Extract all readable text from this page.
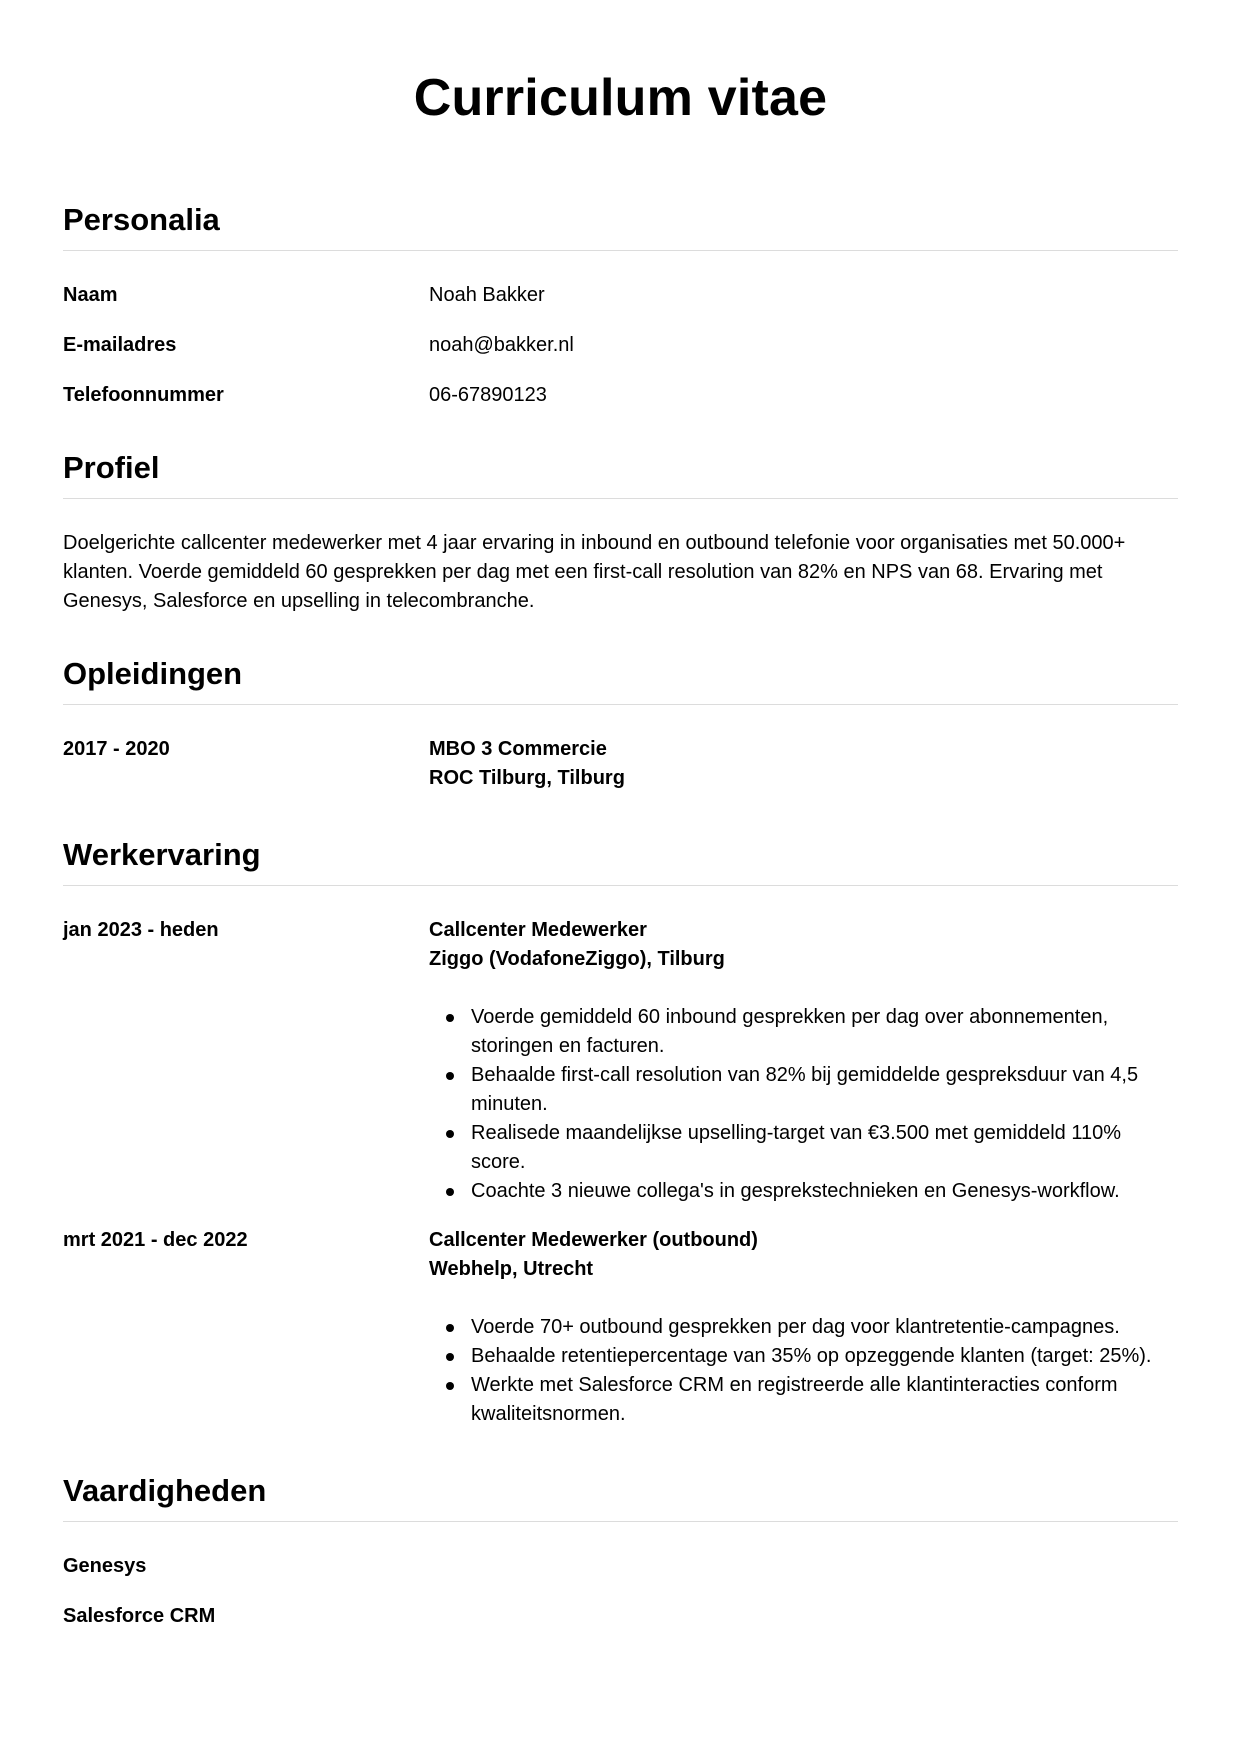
Curriculum vitae
Personalia
Naam	Noah Bakker
E-mailadres	noah@bakker.nl
Telefoonnummer	06-67890123
Profiel

Doelgerichte callcenter medewerker met 4 jaar ervaring in inbound en outbound telefonie voor organisaties met 50.000+ klanten. Voerde gemiddeld 60 gesprekken per dag met een first-call resolution van 82% en NPS van 68. Ervaring met Genesys, Salesforce en upselling in telecombranche.

Opleidingen
2017 - 2020	MBO 3 Commercie
ROC Tilburg, Tilburg
Werkervaring
jan 2023 - heden	Callcenter Medewerker
Ziggo (VodafoneZiggo), Tilburg
Voerde gemiddeld 60 inbound gesprekken per dag over abonnementen, storingen en facturen.
Behaalde first-call resolution van 82% bij gemiddelde gespreksduur van 4,5 minuten.
Realisede maandelijkse upselling-target van €3.500 met gemiddeld 110% score.
Coachte 3 nieuwe collega's in gesprekstechnieken en Genesys-workflow.
mrt 2021 - dec 2022	Callcenter Medewerker (outbound)
Webhelp, Utrecht
Voerde 70+ outbound gesprekken per dag voor klantretentie-campagnes.
Behaalde retentiepercentage van 35% op opzeggende klanten (target: 25%).
Werkte met Salesforce CRM en registreerde alle klantinteracties conform kwaliteitsnormen.
Vaardigheden
Genesys
Salesforce CRM
